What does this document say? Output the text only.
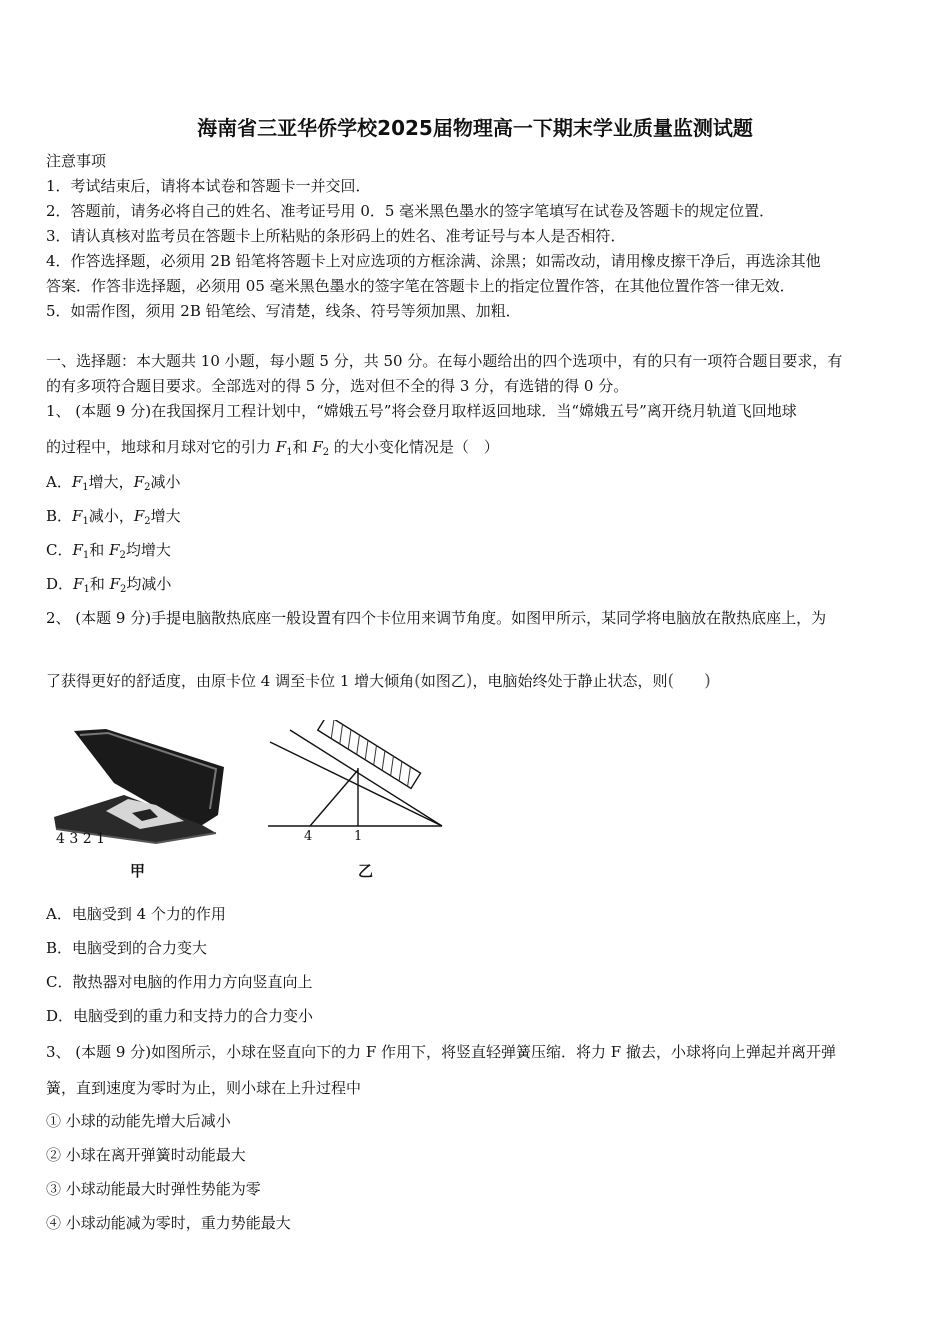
海南省三亚华侨学校2025届物理高一下期末学业质量监测试题
注意事项
1．考试结束后，请将本试卷和答题卡一并交回．
2．答题前，请务必将自己的姓名、准考证号用 0．5 毫米黑色墨水的签字笔填写在试卷及答题卡的规定位置．
3．请认真核对监考员在答题卡上所粘贴的条形码上的姓名、准考证号与本人是否相符．
4．作答选择题，必须用 2B 铅笔将答题卡上对应选项的方框涂满、涂黑；如需改动，请用橡皮擦干净后，再选涂其他
答案．作答非选择题，必须用 05 毫米黑色墨水的签字笔在答题卡上的指定位置作答，在其他位置作答一律无效．
5．如需作图，须用 2B 铅笔绘、写清楚，线条、符号等须加黑、加粗．
一、选择题：本大题共 10 小题，每小题 5 分，共 50 分。在每小题给出的四个选项中，有的只有一项符合题目要求，有
的有多项符合题目要求。全部选对的得 5 分，选对但不全的得 3 分，有选错的得 0 分。
1、 (本题 9 分)在我国探月工程计划中，“嫦娥五号”将会登月取样返回地球．当“嫦娥五号”离开绕月轨道飞回地球
的过程中，地球和月球对它的引力 $F_1$和 $F_2$ 的大小变化情况是（　）
A．$F_1$增大，$F_2$减小
B．$F_1$减小，$F_2$增大
C．$F_1$和 $F_2$均增大
D．$F_1$和 $F_2$均减小
2、 (本题 9 分)手提电脑散热底座一般设置有四个卡位用来调节角度。如图甲所示，某同学将电脑放在散热底座上，为
了获得更好的舒适度，由原卡位 4 调至卡位 1 增大倾角(如图乙)，电脑始终处于静止状态，则( )
4 3 2 1
甲
4	1
乙
A．电脑受到 4 个力的作用
B．电脑受到的合力变大
C．散热器对电脑的作用力方向竖直向上
D．电脑受到的重力和支持力的合力变小
3、 (本题 9 分)如图所示，小球在竖直向下的力 F 作用下，将竖直轻弹簧压缩．将力 F 撤去，小球将向上弹起并离开弹
簧，直到速度为零时为止，则小球在上升过程中
① 小球的动能先增大后减小
② 小球在离开弹簧时动能最大
③ 小球动能最大时弹性势能为零
④ 小球动能减为零时，重力势能最大
